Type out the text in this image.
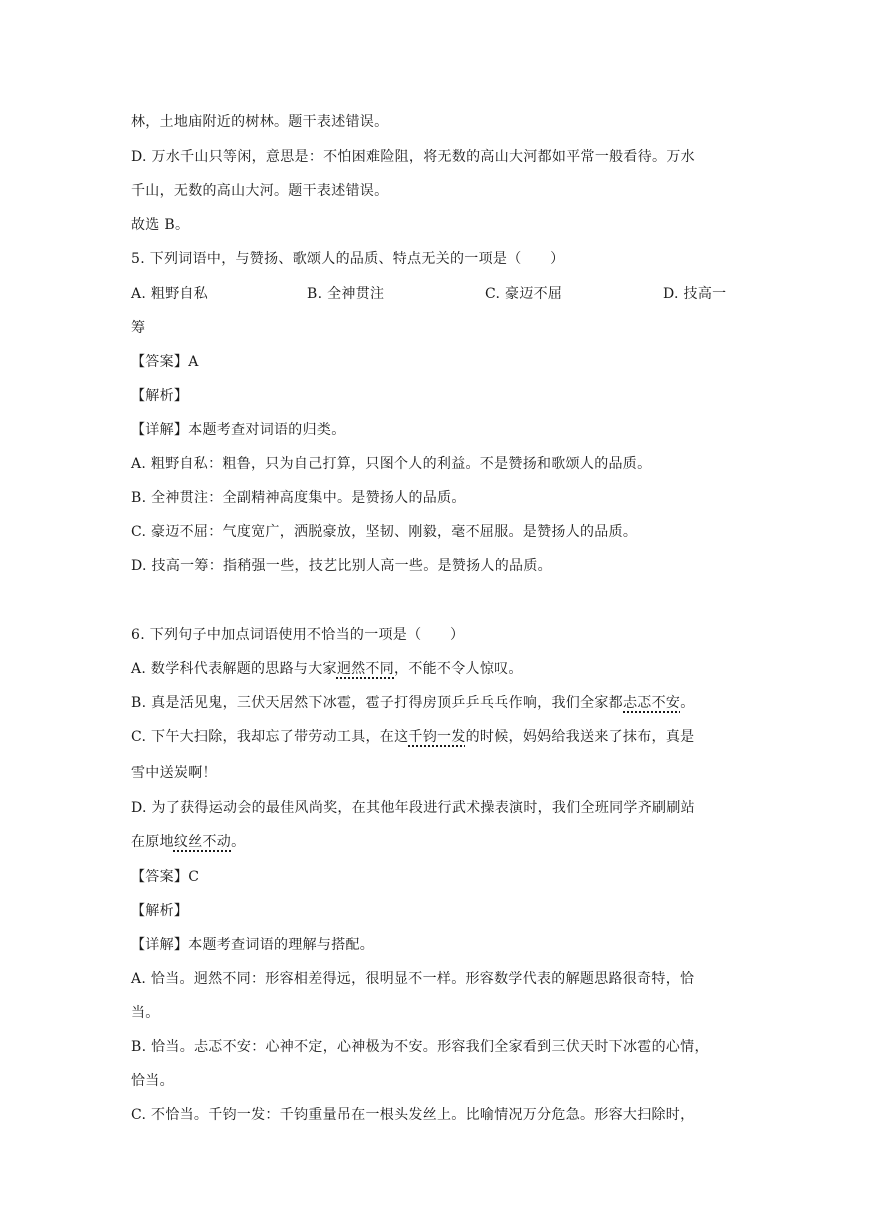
林，土地庙附近的树林。题干表述错误。
D. 万水千山只等闲，意思是：不怕困难险阻，将无数的高山大河都如平常一般看待。万水
千山，无数的高山大河。题干表述错误。
故选 B。
5. 下列词语中，与赞扬、歌颂人的品质、特点无关的一项是（　　）
A. 粗野自私	B. 全神贯注	C. 豪迈不屈	D. 技高一
筹
【答案】A
【解析】
【详解】本题考查对词语的归类。
A. 粗野自私：粗鲁，只为自己打算，只图个人的利益。不是赞扬和歌颂人的品质。
B. 全神贯注：全副精神高度集中。是赞扬人的品质。
C. 豪迈不屈：气度宽广，洒脱豪放，坚韧、刚毅，毫不屈服。是赞扬人的品质。
D. 技高一筹：指稍强一些，技艺比别人高一些。是赞扬人的品质。
6. 下列句子中加点词语使用不恰当的一项是（　　）
A. 数学科代表解题的思路与大家迥然不同，不能不令人惊叹。
B. 真是活见鬼，三伏天居然下冰雹，雹子打得房顶乒乒乓乓作响，我们全家都忐忑不安。
C. 下午大扫除，我却忘了带劳动工具，在这千钧一发的时候，妈妈给我送来了抹布，真是
雪中送炭啊！
D. 为了获得运动会的最佳风尚奖，在其他年段进行武术操表演时，我们全班同学齐刷刷站
在原地纹丝不动。
【答案】C
【解析】
【详解】本题考查词语的理解与搭配。
A. 恰当。迥然不同：形容相差得远，很明显不一样。形容数学代表的解题思路很奇特，恰
当。
B. 恰当。忐忑不安：心神不定，心神极为不安。形容我们全家看到三伏天时下冰雹的心情，
恰当。
C. 不恰当。千钧一发：千钧重量吊在一根头发丝上。比喻情况万分危急。形容大扫除时，
